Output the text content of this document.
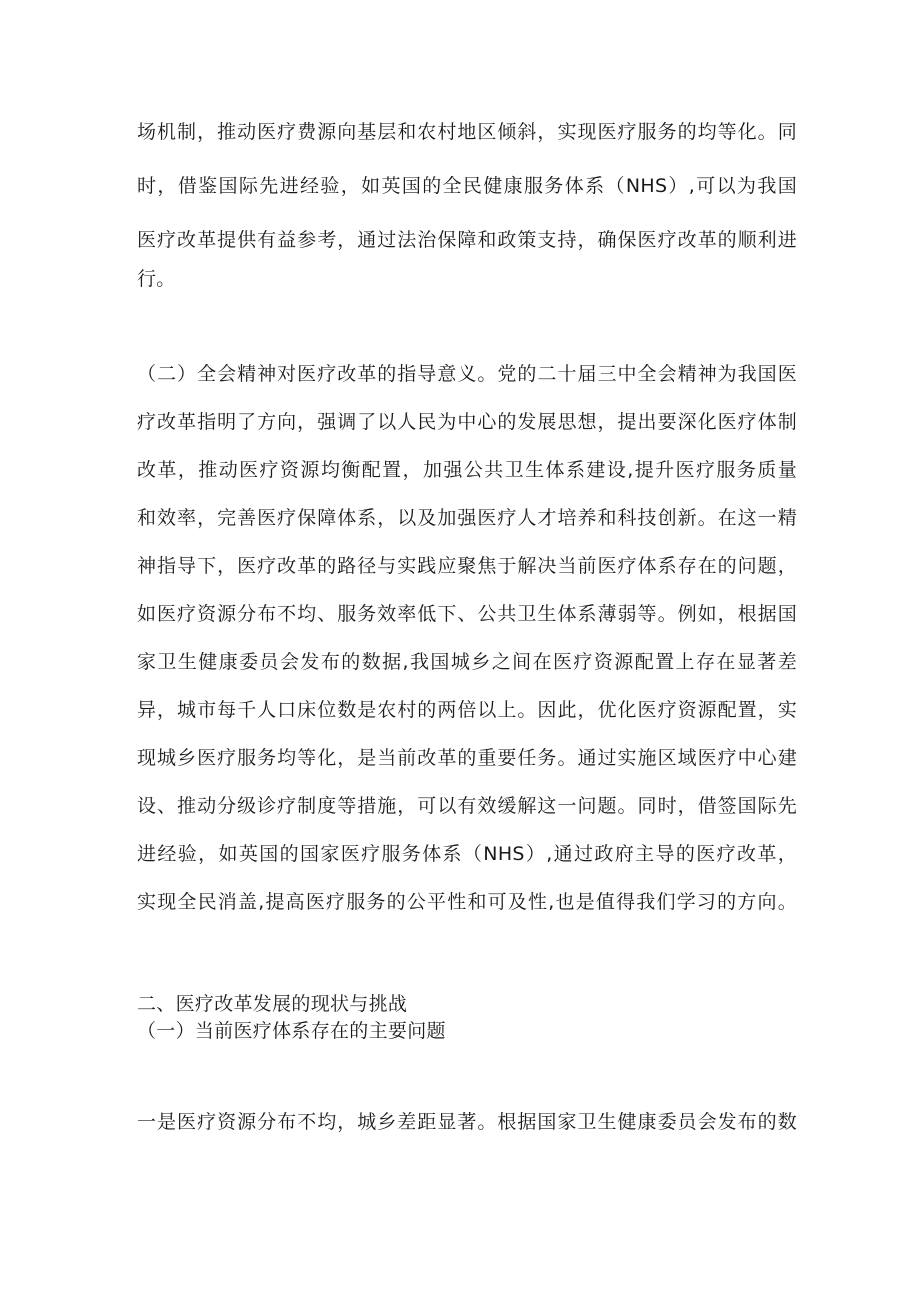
场机制，推动医疗费源向基层和农村地区倾斜，实现医疗服务的均等化。同
时，借鉴国际先进经验，如英国的全民健康服务体系（NHS）,可以为我国
医疗改革提供有益参考，通过法治保障和政策支持，确保医疗改革的顺利进
行。
（二）全会精神对医疗改革的指导意义。党的二十届三中全会精神为我国医
疗改革指明了方向，强调了以人民为中心的发展思想，提出要深化医疗体制
改革，推动医疗资源均衡配置，加强公共卫生体系建设,提升医疗服务质量
和效率，完善医疗保障体系，以及加强医疗人才培养和科技创新。在这一精
神指导下，医疗改革的路径与实践应聚焦于解决当前医疗体系存在的问题，
如医疗资源分布不均、服务效率低下、公共卫生体系薄弱等。例如，根据国
家卫生健康委员会发布的数据,我国城乡之间在医疗资源配置上存在显著差
异，城市每千人口床位数是农村的两倍以上。因此，优化医疗资源配置，实
现城乡医疗服务均等化，是当前改革的重要任务。通过实施区域医疗中心建
设、推动分级诊疗制度等措施，可以有效缓解这一问题。同时，借签国际先
进经验，如英国的国家医疗服务体系（NHS）,通过政府主导的医疗改革，
实现全民消盖,提高医疗服务的公平性和可及性,也是值得我们学习的方向。
二、医疗改革发展的现状与挑战
（一）当前医疗体系存在的主要问题
一是医疗资源分布不均，城乡差距显著。根据国家卫生健康委员会发布的数
